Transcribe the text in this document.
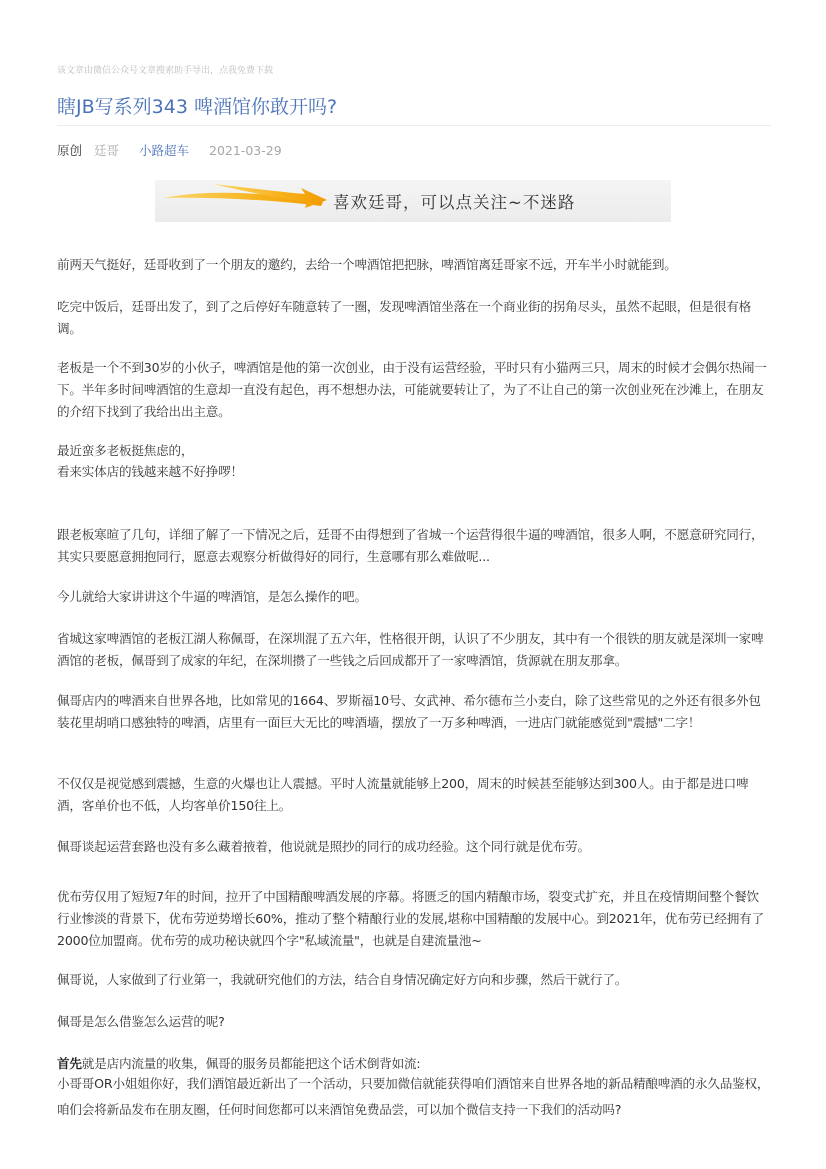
该文章由微信公众号文章搜索助手导出，点我免费下载
瞎JB写系列343 啤酒馆你敢开吗?
原创 廷哥 小路超车 2021-03-29
喜欢廷哥，可以点关注~不迷路

前两天气挺好，廷哥收到了一个朋友的邀约，去给一个啤酒馆把把脉，啤酒馆离廷哥家不远，开车半小时就能到。

吃完中饭后，廷哥出发了，到了之后停好车随意转了一圈，发现啤酒馆坐落在一个商业街的拐角尽头，虽然不起眼，但是很有格调。

老板是一个不到30岁的小伙子，啤酒馆是他的第一次创业，由于没有运营经验，平时只有小猫两三只，周末的时候才会偶尔热闹一下。半年多时间啤酒馆的生意却一直没有起色，再不想想办法，可能就要转让了，为了不让自己的第一次创业死在沙滩上，在朋友的介绍下找到了我给出出主意。

最近蛮多老板挺焦虑的，

看来实体店的钱越来越不好挣啰！

跟老板寒暄了几句，详细了解了一下情况之后，廷哥不由得想到了省城一个运营得很牛逼的啤酒馆，很多人啊，不愿意研究同行，其实只要愿意拥抱同行，愿意去观察分析做得好的同行，生意哪有那么难做呢...

今儿就给大家讲讲这个牛逼的啤酒馆，是怎么操作的吧。

省城这家啤酒馆的老板江湖人称佩哥，在深圳混了五六年，性格很开朗，认识了不少朋友，其中有一个很铁的朋友就是深圳一家啤酒馆的老板，佩哥到了成家的年纪，在深圳攒了一些钱之后回成都开了一家啤酒馆，货源就在朋友那拿。

佩哥店内的啤酒来自世界各地，比如常见的1664、罗斯福10号、女武神、希尔德布兰小麦白，除了这些常见的之外还有很多外包装花里胡哨口感独特的啤酒，店里有一面巨大无比的啤酒墙，摆放了一万多种啤酒，一进店门就能感觉到"震撼"二字！

不仅仅是视觉感到震撼，生意的火爆也让人震撼。平时人流量就能够上200，周末的时候甚至能够达到300人。由于都是进口啤酒，客单价也不低，人均客单价150往上。

佩哥谈起运营套路也没有多么藏着掖着，他说就是照抄的同行的成功经验。这个同行就是优布劳。

优布劳仅用了短短7年的时间，拉开了中国精酿啤酒发展的序幕。将匮乏的国内精酿市场，裂变式扩充，并且在疫情期间整个餐饮行业惨淡的背景下，优布劳逆势增长60%，推动了整个精酿行业的发展,堪称中国精酿的发展中心。到2021年，优布劳已经拥有了2000位加盟商。优布劳的成功秘诀就四个字"私域流量"，也就是自建流量池~

佩哥说，人家做到了行业第一，我就研究他们的方法，结合自身情况确定好方向和步骤，然后干就行了。

佩哥是怎么借鉴怎么运营的呢?

首先就是店内流量的收集，佩哥的服务员都能把这个话术倒背如流:

小哥哥OR小姐姐你好，我们酒馆最近新出了一个活动，只要加微信就能获得咱们酒馆来自世界各地的新品精酿啤酒的永久品鉴权，咱们会将新品发布在朋友圈，任何时间您都可以来酒馆免费品尝，可以加个微信支持一下我们的活动吗?
